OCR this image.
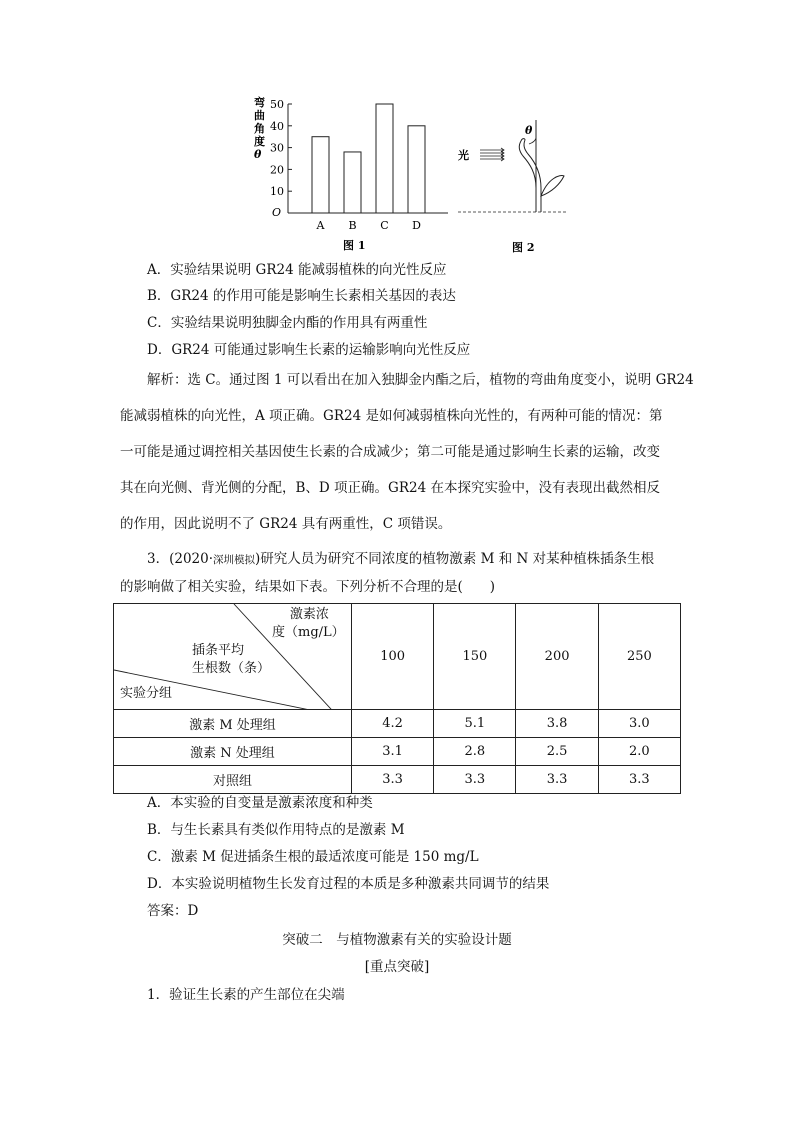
弯
曲
角
度
θ
50
40
30
20
10
A B C D
O
图 1
光
θ
图 2
A．实验结果说明 GR24 能减弱植株的向光性反应
B．GR24 的作用可能是影响生长素相关基因的表达
C．实验结果说明独脚金内酯的作用具有两重性
D．GR24 可能通过影响生长素的运输影响向光性反应
解析：选 C。通过图 1 可以看出在加入独脚金内酯之后，植物的弯曲角度变小，说明 GR24
能减弱植株的向光性，A 项正确。GR24 是如何减弱植株向光性的，有两种可能的情况：第
一可能是通过调控相关基因使生长素的合成减少；第二可能是通过影响生长素的运输，改变
其在向光侧、背光侧的分配，B、D 项正确。GR24 在本探究实验中，没有表现出截然相反
的作用，因此说明不了 GR24 具有两重性，C 项错误。
3．(2020·深圳模拟)研究人员为研究不同浓度的植物激素 M 和 N 对某种植株插条生根
的影响做了相关实验，结果如下表。下列分析不合理的是(　　)
激素浓
度（mg/L）
插条平均
生根数（条）
实验分组	100	150	200	250
激素 M 处理组	4.2	5.1	3.8	3.0
激素 N 处理组	3.1	2.8	2.5	2.0
对照组	3.3	3.3	3.3	3.3
A．本实验的自变量是激素浓度和种类
B．与生长素具有类似作用特点的是激素 M
C．激素 M 促进插条生根的最适浓度可能是 150 mg/L
D．本实验说明植物生长发育过程的本质是多种激素共同调节的结果
答案：D
突破二　与植物激素有关的实验设计题
[重点突破]
1．验证生长素的产生部位在尖端
